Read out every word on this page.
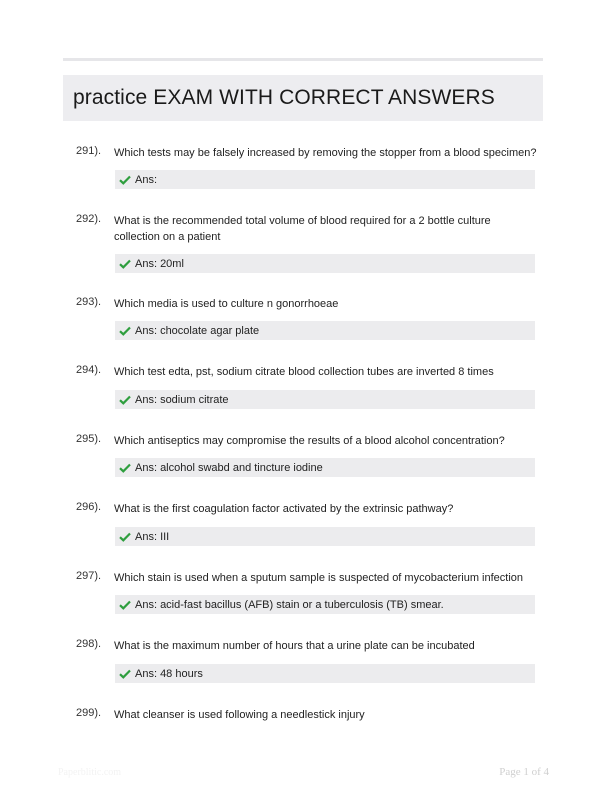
practice EXAM WITH CORRECT ANSWERS
291). Which tests may be falsely increased by removing the stopper from a blood specimen?
Ans:
292). What is the recommended total volume of blood required for a 2 bottle culture collection on a patient
Ans: 20ml
293). Which media is used to culture n gonorrhoeae
Ans: chocolate agar plate
294). Which test edta, pst, sodium citrate blood collection tubes are inverted 8 times
Ans: sodium citrate
295). Which antiseptics may compromise the results of a blood alcohol concentration?
Ans: alcohol swabd and tincture iodine
296). What is the first coagulation factor activated by the extrinsic pathway?
Ans: III
297). Which stain is used when a sputum sample is suspected of mycobacterium infection
Ans: acid-fast bacillus (AFB) stain or a tuberculosis (TB) smear.
298). What is the maximum number of hours that a urine plate can be incubated
Ans: 48 hours
299). What cleanser is used following a needlestick injury
Paperblitic.com	Page 1 of 4
